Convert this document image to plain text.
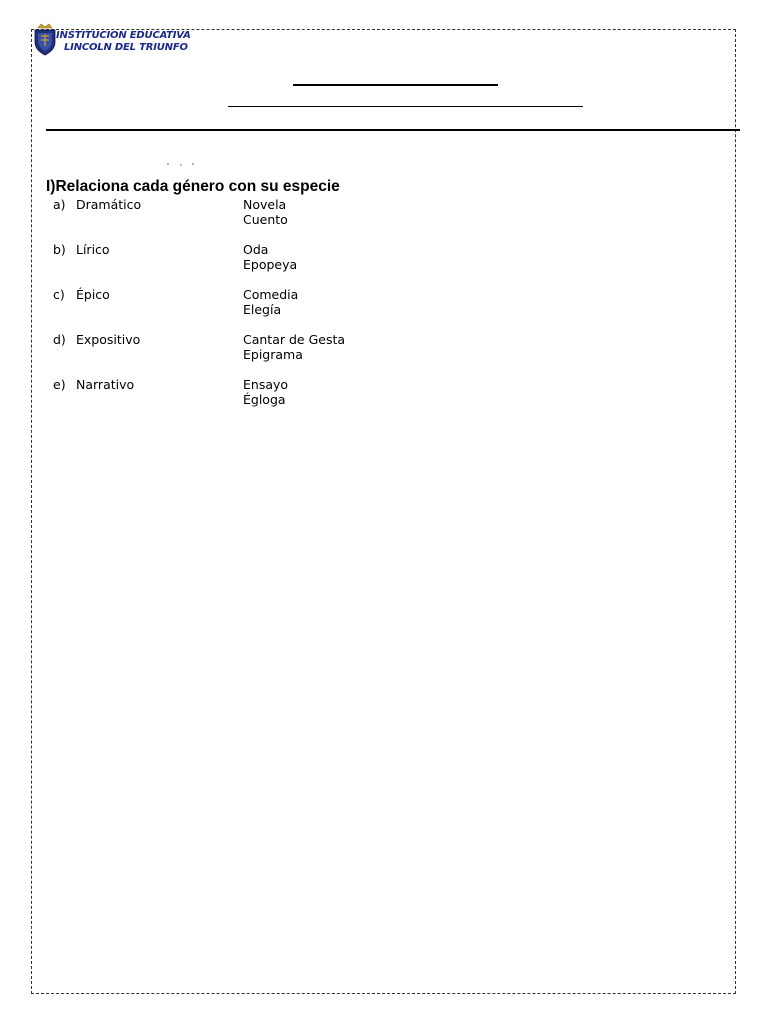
INSTITUCION EDUCATIVA
LINCOLN DEL TRIUNFO
I)Relaciona cada género con su especie
a) Dramático	Novela
Cuento
b) Lírico	Oda
Epopeya
c) Épico	Comedia
Elegía
d) Expositivo	Cantar de Gesta
Epigrama
e) Narrativo	Ensayo
Égloga
